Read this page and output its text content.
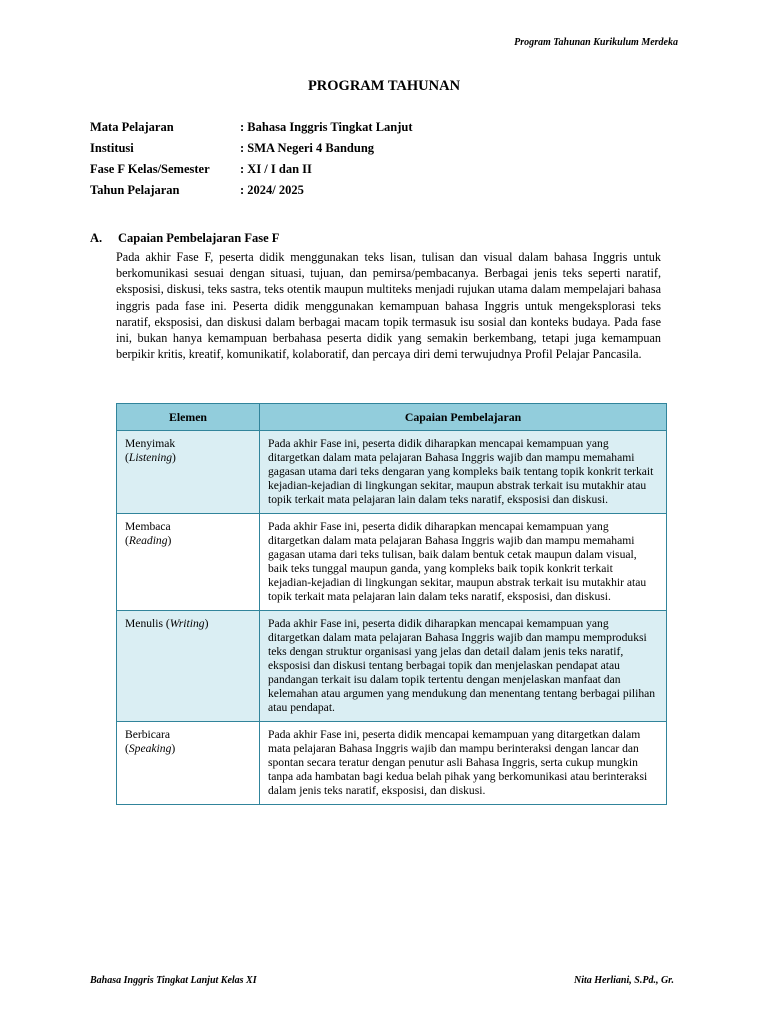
Program Tahunan Kurikulum Merdeka
PROGRAM TAHUNAN
Mata Pelajaran	: Bahasa Inggris Tingkat Lanjut
Institusi	: SMA Negeri 4 Bandung
Fase F Kelas/Semester	: XI / I dan II
Tahun Pelajaran	: 2024/ 2025
A.	Capaian Pembelajaran Fase F
Pada akhir Fase F, peserta didik menggunakan teks lisan, tulisan dan visual dalam bahasa Inggris untuk berkomunikasi sesuai dengan situasi, tujuan, dan pemirsa/pembacanya. Berbagai jenis teks seperti naratif, eksposisi, diskusi, teks sastra, teks otentik maupun multiteks menjadi rujukan utama dalam mempelajari bahasa inggris pada fase ini. Peserta didik menggunakan kemampuan bahasa Inggris untuk mengeksplorasi teks naratif, eksposisi, dan diskusi dalam berbagai macam topik termasuk isu sosial dan konteks budaya. Pada fase ini, bukan hanya kemampuan berbahasa peserta didik yang semakin berkembang, tetapi juga kemampuan berpikir kritis, kreatif, komunikatif, kolaboratif, dan percaya diri demi terwujudnya Profil Pelajar Pancasila.
Elemen	Capaian Pembelajaran
Menyimak
(Listening)	Pada akhir Fase ini, peserta didik diharapkan mencapai kemampuan yang ditargetkan dalam mata pelajaran Bahasa Inggris wajib dan mampu memahami gagasan utama dari teks dengaran yang kompleks baik tentang topik konkrit terkait kejadian-kejadian di lingkungan sekitar, maupun abstrak terkait isu mutakhir atau topik terkait mata pelajaran lain dalam teks naratif, eksposisi dan diskusi.
Membaca
(Reading)	Pada akhir Fase ini, peserta didik diharapkan mencapai kemampuan yang ditargetkan dalam mata pelajaran Bahasa Inggris wajib dan mampu memahami gagasan utama dari teks tulisan, baik dalam bentuk cetak maupun dalam visual, baik teks tunggal maupun ganda, yang kompleks baik topik konkrit terkait kejadian-kejadian di lingkungan sekitar, maupun abstrak terkait isu mutakhir atau topik terkait mata pelajaran lain dalam teks naratif, eksposisi, dan diskusi.
Menulis (Writing)	Pada akhir Fase ini, peserta didik diharapkan mencapai kemampuan yang ditargetkan dalam mata pelajaran Bahasa Inggris wajib dan mampu memproduksi teks dengan struktur organisasi yang jelas dan detail dalam jenis teks naratif, eksposisi dan diskusi tentang berbagai topik dan menjelaskan pendapat atau pandangan terkait isu dalam topik tertentu dengan menjelaskan manfaat dan kelemahan atau argumen yang mendukung dan menentang tentang berbagai pilihan atau pendapat.
Berbicara
(Speaking)	Pada akhir Fase ini, peserta didik mencapai kemampuan yang ditargetkan dalam mata pelajaran Bahasa Inggris wajib dan mampu berinteraksi dengan lancar dan spontan secara teratur dengan penutur asli Bahasa Inggris, serta cukup mungkin tanpa ada hambatan bagi kedua belah pihak yang berkomunikasi atau berinteraksi dalam jenis teks naratif, eksposisi, dan diskusi.
Bahasa Inggris Tingkat Lanjut Kelas XI	Nita Herliani, S.Pd., Gr.
